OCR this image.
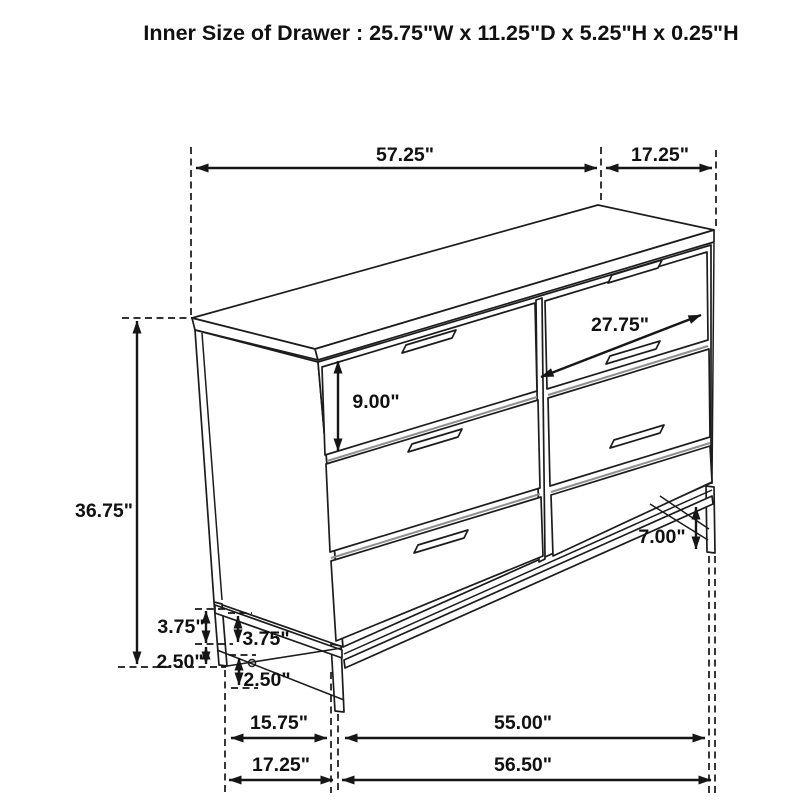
Inner Size of Drawer : 25.75"W x 11.25"D x 5.25"H x 0.25"H
57.25"	17.25"
36.75"
9.00"
27.75"
7.00"
3.75"
2.50"
3.75"
2.50"
15.75"	55.00"
17.25"	56.50"
